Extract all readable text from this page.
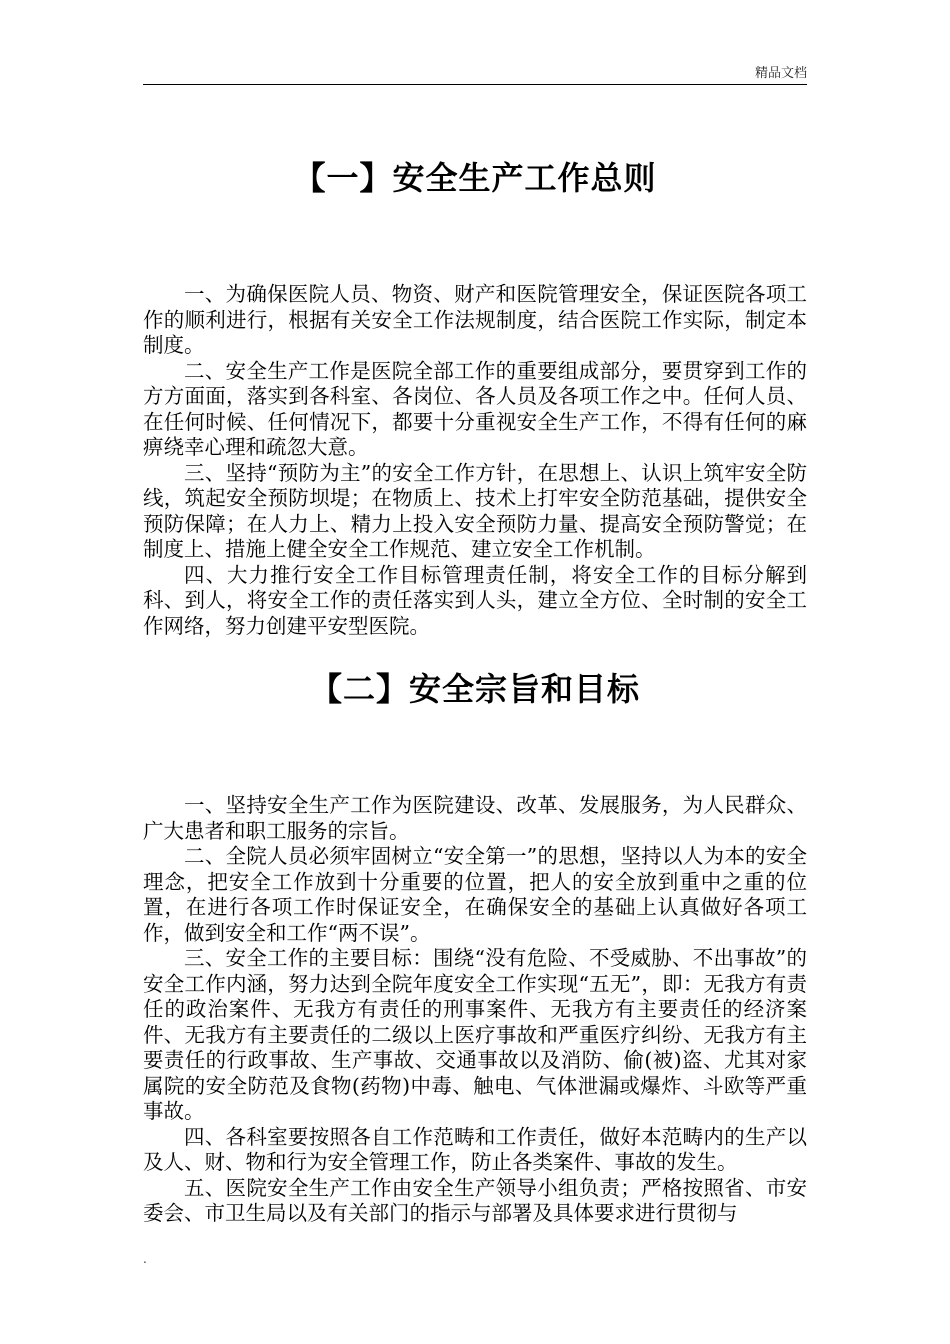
精品文档
【一】安全生产工作总则

一、为确保医院人员、物资、财产和医院管理安全，保证医院各项工作的顺利进行，根据有关安全工作法规制度，结合医院工作实际，制定本制度。

二、安全生产工作是医院全部工作的重要组成部分，要贯穿到工作的方方面面，落实到各科室、各岗位、各人员及各项工作之中。任何人员、在任何时候、任何情况下，都要十分重视安全生产工作，不得有任何的麻痹绕幸心理和疏忽大意。

三、坚持“预防为主”的安全工作方针，在思想上、认识上筑牢安全防线，筑起安全预防坝堤；在物质上、技术上打牢安全防范基础，提供安全预防保障；在人力上、精力上投入安全预防力量、提高安全预防警觉；在制度上、措施上健全安全工作规范、建立安全工作机制。

四、大力推行安全工作目标管理责任制，将安全工作的目标分解到科、到人，将安全工作的责任落实到人头，建立全方位、全时制的安全工作网络，努力创建平安型医院。

【二】安全宗旨和目标

一、坚持安全生产工作为医院建设、改革、发展服务，为人民群众、广大患者和职工服务的宗旨。

二、全院人员必须牢固树立“安全第一”的思想，坚持以人为本的安全理念，把安全工作放到十分重要的位置，把人的安全放到重中之重的位置，在进行各项工作时保证安全，在确保安全的基础上认真做好各项工作，做到安全和工作“两不误”。

三、安全工作的主要目标：围绕“没有危险、不受威胁、不出事故”的安全工作内涵，努力达到全院年度安全工作实现“五无”，即：无我方有责任的政治案件、无我方有责任的刑事案件、无我方有主要责任的经济案件、无我方有主要责任的二级以上医疗事故和严重医疗纠纷、无我方有主要责任的行政事故、生产事故、交通事故以及消防、偷(被)盗、尤其对家属院的安全防范及食物(药物)中毒、触电、气体泄漏或爆炸、斗欧等严重事故。

四、各科室要按照各自工作范畴和工作责任，做好本范畴内的生产以及人、财、物和行为安全管理工作，防止各类案件、事故的发生。

五、医院安全生产工作由安全生产领导小组负责；严格按照省、市安委会、市卫生局以及有关部门的指示与部署及具体要求进行贯彻与

.
